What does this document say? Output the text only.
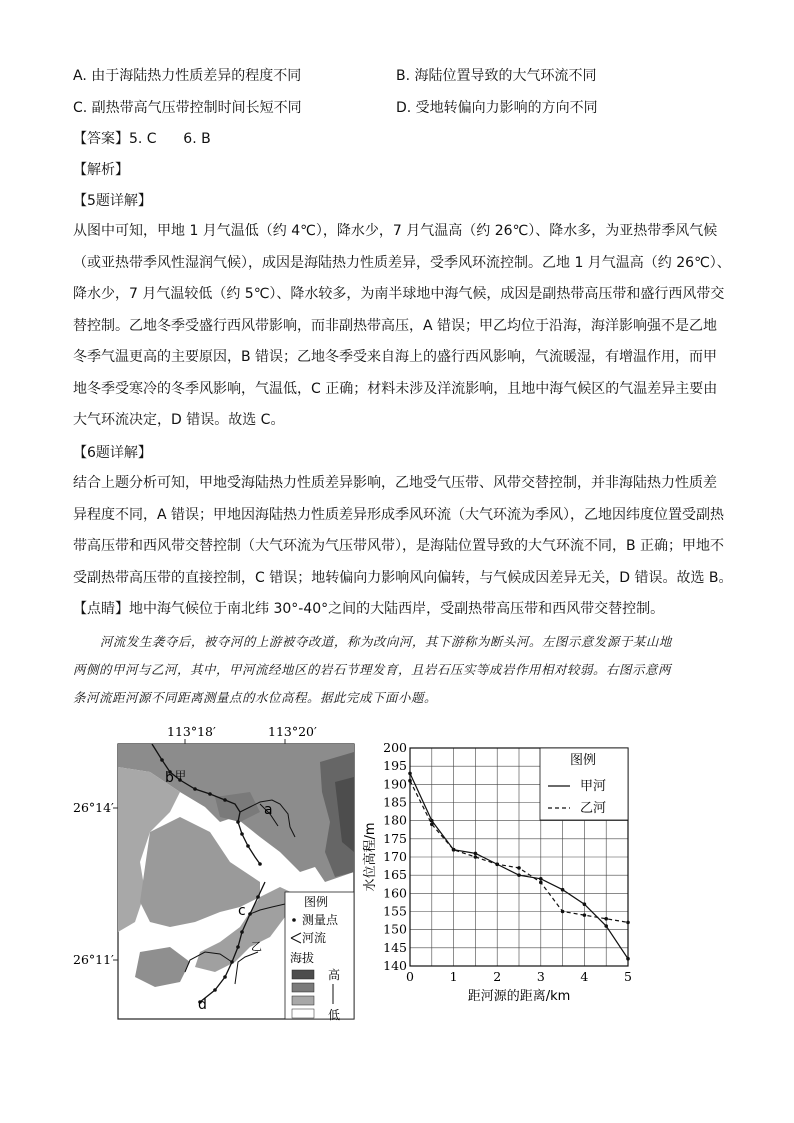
A. 由于海陆热力性质差异的程度不同	B. 海陆位置导致的大气环流不同
C. 副热带高气压带控制时间长短不同	D. 受地转偏向力影响的方向不同
【答案】5. C      6. B
【解析】
【5题详解】
从图中可知，甲地 1 月气温低（约 4℃），降水少，7 月气温高（约 26℃）、降水多，为亚热带季风气候
（或亚热带季风性湿润气候），成因是海陆热力性质差异，受季风环流控制。乙地 1 月气温高（约 26℃）、
降水少，7 月气温较低（约 5℃）、降水较多，为南半球地中海气候，成因是副热带高压带和盛行西风带交
替控制。乙地冬季受盛行西风带影响，而非副热带高压，A 错误；甲乙均位于沿海，海洋影响强不是乙地
冬季气温更高的主要原因，B 错误；乙地冬季受来自海上的盛行西风影响，气流暖湿，有增温作用，而甲
地冬季受寒冷的冬季风影响，气温低，C 正确；材料未涉及洋流影响，且地中海气候区的气温差异主要由
大气环流决定，D 错误。故选 C。
【6题详解】
结合上题分析可知，甲地受海陆热力性质差异影响，乙地受气压带、风带交替控制，并非海陆热力性质差
异程度不同，A 错误；甲地因海陆热力性质差异形成季风环流（大气环流为季风），乙地因纬度位置受副热
带高压带和西风带交替控制（大气环流为气压带风带），是海陆位置导致的大气环流不同，B 正确；甲地不
受副热带高压带的直接控制，C 错误；地转偏向力影响风向偏转，与气候成因差异无关，D 错误。故选 B。
【点睛】地中海气候位于南北纬 30°-40°之间的大陆西岸，受副热带高压带和西风带交替控制。
河流发生袭夺后，被夺河的上游被夺改道，称为改向河，其下游称为断头河。左图示意发源于某山地
两侧的甲河与乙河，其中，甲河流经地区的岩石节理发育，且岩石压实等成岩作用相对较弱。右图示意两
条河流距河源不同距离测量点的水位高程。据此完成下面小题。
113°18′	113°20′
b 甲
a
c
乙
d
26°14′
26°11′
图例
测量点
河流
海拔
高
低
140
145
150
155
160
165
170
175
180
185
190
195
200
0	1	2	3	4	5
图例
甲河
乙河
距河源的距离/km
水位高程/m
